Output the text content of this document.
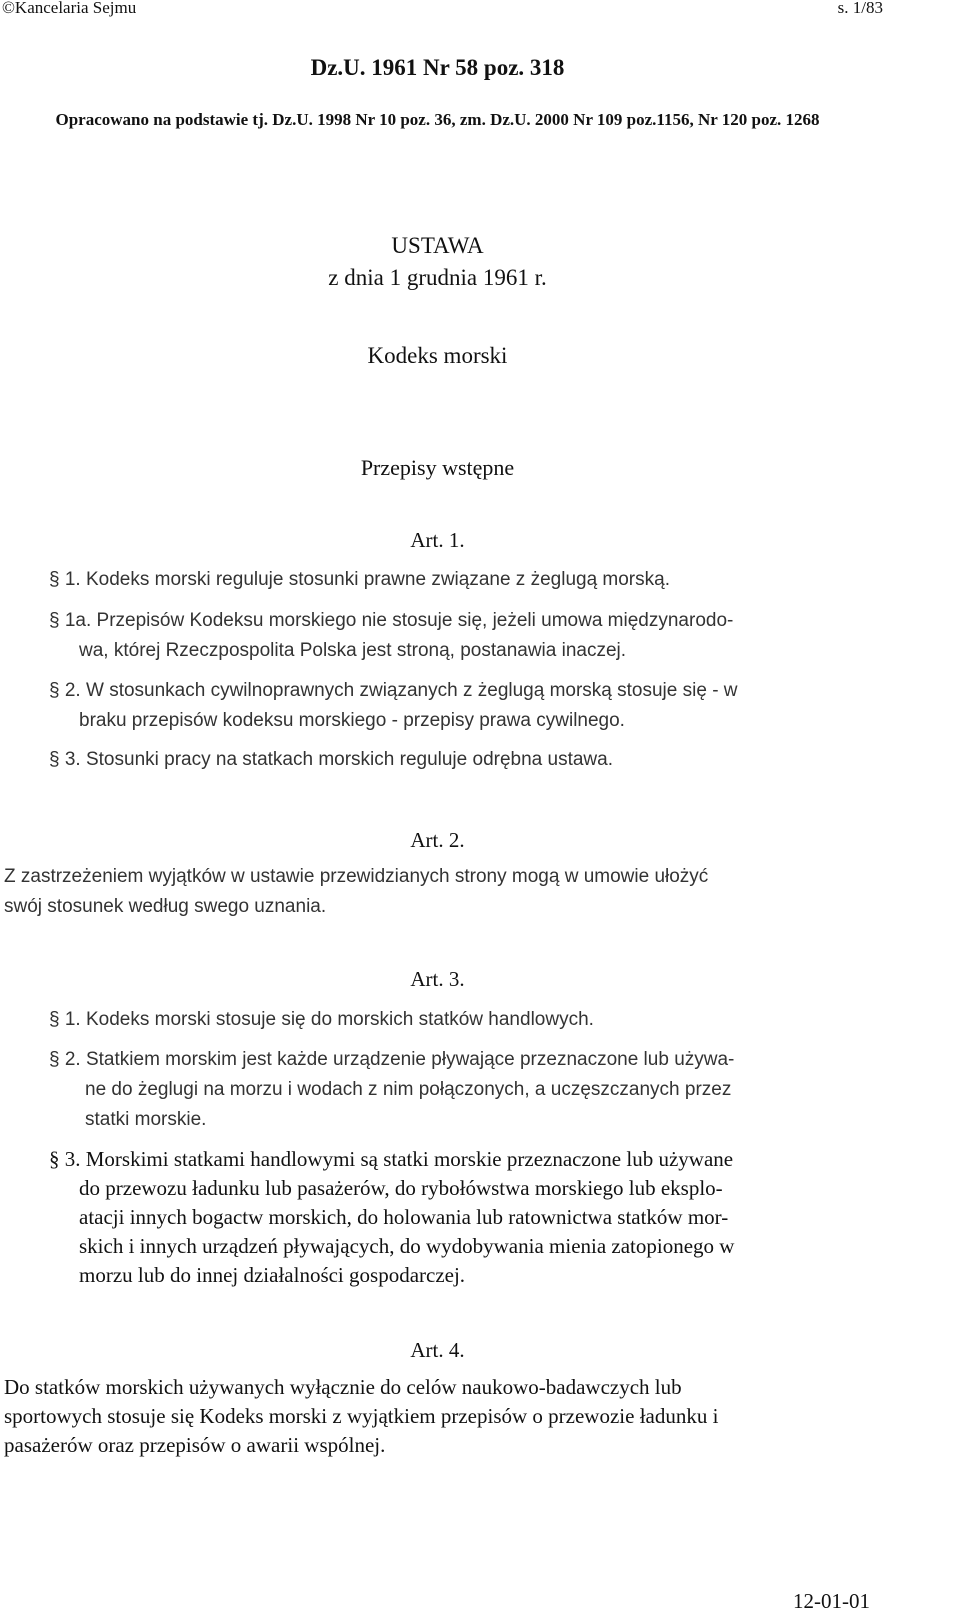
©Kancelaria Sejmu	s. 1/83
Dz.U. 1961 Nr 58 poz. 318
Opracowano na podstawie tj. Dz.U. 1998 Nr 10 poz. 36, zm. Dz.U. 2000 Nr 109 poz.1156, Nr 120 poz. 1268
USTAWA
z dnia 1 grudnia 1961 r.
Kodeks morski
Przepisy wstępne
Art. 1.
§ 1. Kodeks morski reguluje stosunki prawne związane z żeglugą morską.
§ 1a. Przepisów Kodeksu morskiego nie stosuje się, jeżeli umowa międzynarodo-
wa, której Rzeczpospolita Polska jest stroną, postanawia inaczej.
§ 2. W stosunkach cywilnoprawnych związanych z żeglugą morską stosuje się - w
braku przepisów kodeksu morskiego - przepisy prawa cywilnego.
§ 3. Stosunki pracy na statkach morskich reguluje odrębna ustawa.
Art. 2.
Z zastrzeżeniem wyjątków w ustawie przewidzianych strony mogą w umowie ułożyć
swój stosunek według swego uznania.
Art. 3.
§ 1. Kodeks morski stosuje się do morskich statków handlowych.
§ 2. Statkiem morskim jest każde urządzenie pływające przeznaczone lub używa-
ne do żeglugi na morzu i wodach z nim połączonych, a uczęszczanych przez
statki morskie.
§ 3. Morskimi statkami handlowymi są statki morskie przeznaczone lub używane
do przewozu ładunku lub pasażerów, do rybołówstwa morskiego lub eksplo-
atacji innych bogactw morskich, do holowania lub ratownictwa statków mor-
skich i innych urządzeń pływających, do wydobywania mienia zatopionego w
morzu lub do innej działalności gospodarczej.
Art. 4.
Do statków morskich używanych wyłącznie do celów naukowo-badawczych lub
sportowych stosuje się Kodeks morski z wyjątkiem przepisów o przewozie ładunku i
pasażerów oraz przepisów o awarii wspólnej.
12-01-01
